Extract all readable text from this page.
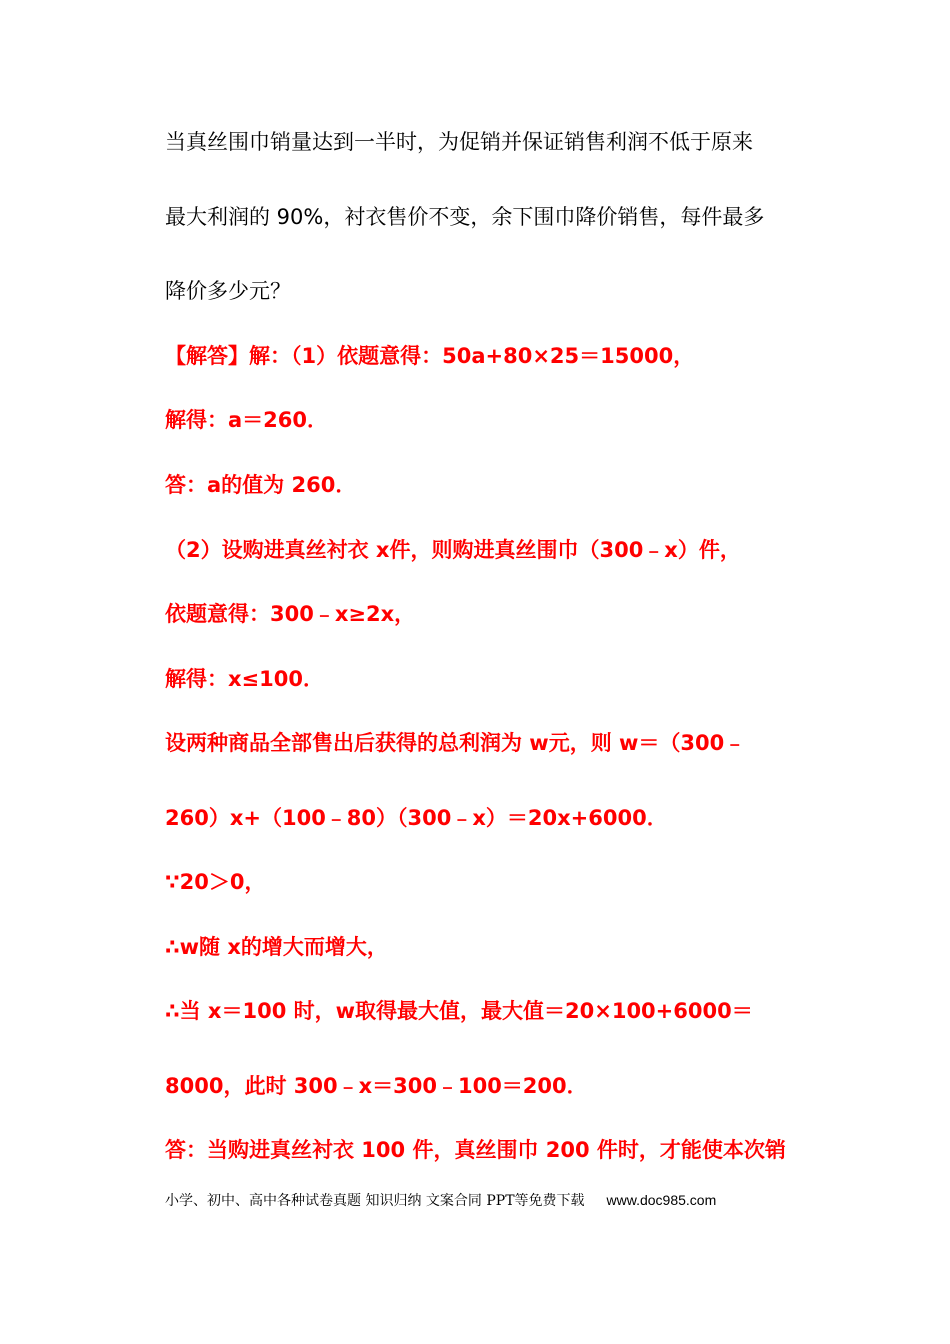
当真丝围巾销量达到一半时，为促销并保证销售利润不低于原来
最大利润的 90%，衬衣售价不变，余下围巾降价销售，每件最多
降价多少元？
【解答】解：（1）依题意得：50a+80×25＝15000，
解得：a＝260．
答：a的值为 260．
（2）设购进真丝衬衣 x件，则购进真丝围巾（300﹣x）件，
依题意得：300﹣x≥2x，
解得：x≤100．
设两种商品全部售出后获得的总利润为 w元，则 w＝（300﹣
260）x+（100﹣80）（300﹣x）＝20x+6000．
∵20＞0，
∴w随 x的增大而增大，
∴当 x＝100 时，w取得最大值，最大值＝20×100+6000＝
8000，此时 300﹣x＝300﹣100＝200．
答：当购进真丝衬衣 100 件，真丝围巾 200 件时，才能使本次销
小学、初中、高中各种试卷真题 知识归纳 文案合同 PPT等免费下载 www.doc985.com
